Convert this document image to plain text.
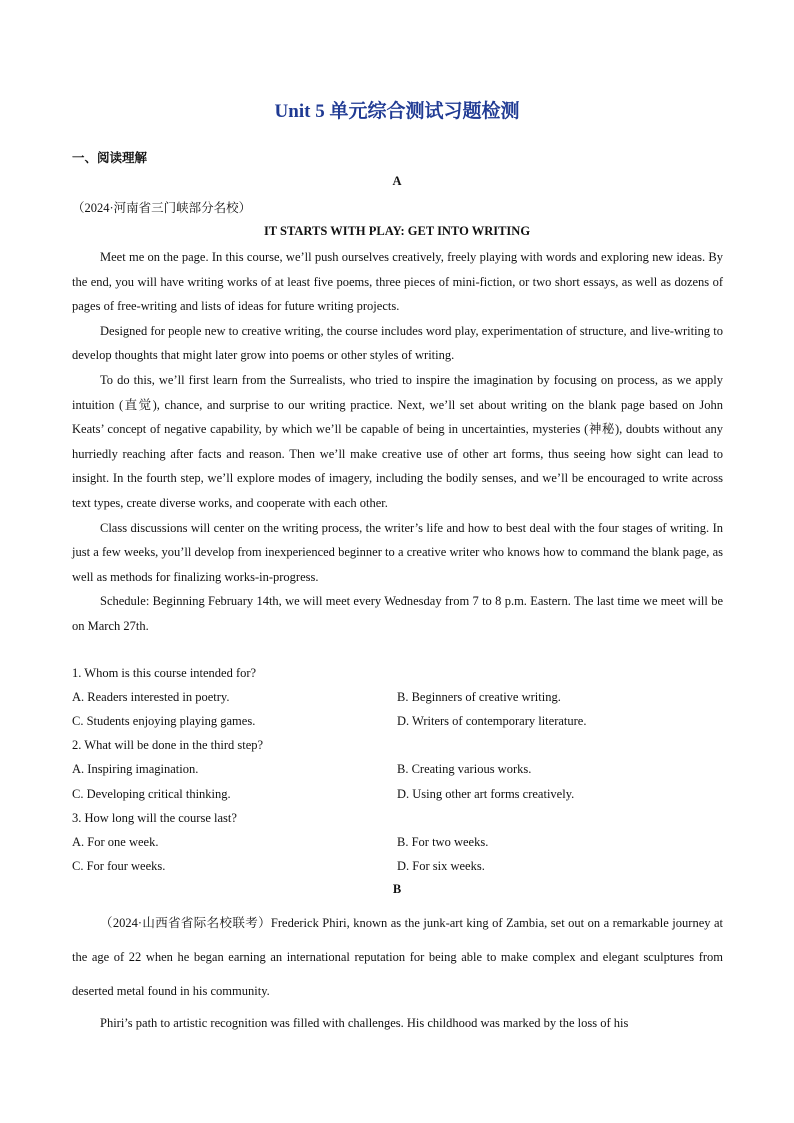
Unit 5 单元综合测试习题检测
一、阅读理解
A
（2024·河南省三门峡部分名校）
IT STARTS WITH PLAY: GET INTO WRITING

Meet me on the page. In this course, we’ll push ourselves creatively, freely playing with words and exploring new ideas. By the end, you will have writing works of at least five poems, three pieces of mini-fiction, or two short essays, as well as dozens of pages of free-writing and lists of ideas for future writing projects.

Designed for people new to creative writing, the course includes word play, experimentation of structure, and live-writing to develop thoughts that might later grow into poems or other styles of writing.

To do this, we’ll first learn from the Surrealists, who tried to inspire the imagination by focusing on process, as we apply intuition (直觉), chance, and surprise to our writing practice. Next, we’ll set about writing on the blank page based on John Keats’ concept of negative capability, by which we’ll be capable of being in uncertainties, mysteries (神秘), doubts without any hurriedly reaching after facts and reason. Then we’ll make creative use of other art forms, thus seeing how sight can lead to insight. In the fourth step, we’ll explore modes of imagery, including the bodily senses, and we’ll be encouraged to write across text types, create diverse works, and cooperate with each other.

Class discussions will center on the writing process, the writer’s life and how to best deal with the four stages of writing. In just a few weeks, you’ll develop from inexperienced beginner to a creative writer who knows how to command the blank page, as well as methods for finalizing works-in-progress.

Schedule: Beginning February 14th, we will meet every Wednesday from 7 to 8 p.m. Eastern. The last time we meet will be on March 27th.

1. Whom is this course intended for?
A. Readers interested in poetry.	B. Beginners of creative writing.
C. Students enjoying playing games.	D. Writers of contemporary literature.
2. What will be done in the third step?
A. Inspiring imagination.	B. Creating various works.
C. Developing critical thinking.	D. Using other art forms creatively.
3. How long will the course last?
A. For one week.	B. For two weeks.
C. For four weeks.	D. For six weeks.
B

（2024·山西省省际名校联考）Frederick Phiri, known as the junk-art king of Zambia, set out on a remarkable journey at the age of 22 when he began earning an international reputation for being able to make complex and elegant sculptures from deserted metal found in his community.

Phiri’s path to artistic recognition was filled with challenges. His childhood was marked by the loss of his
